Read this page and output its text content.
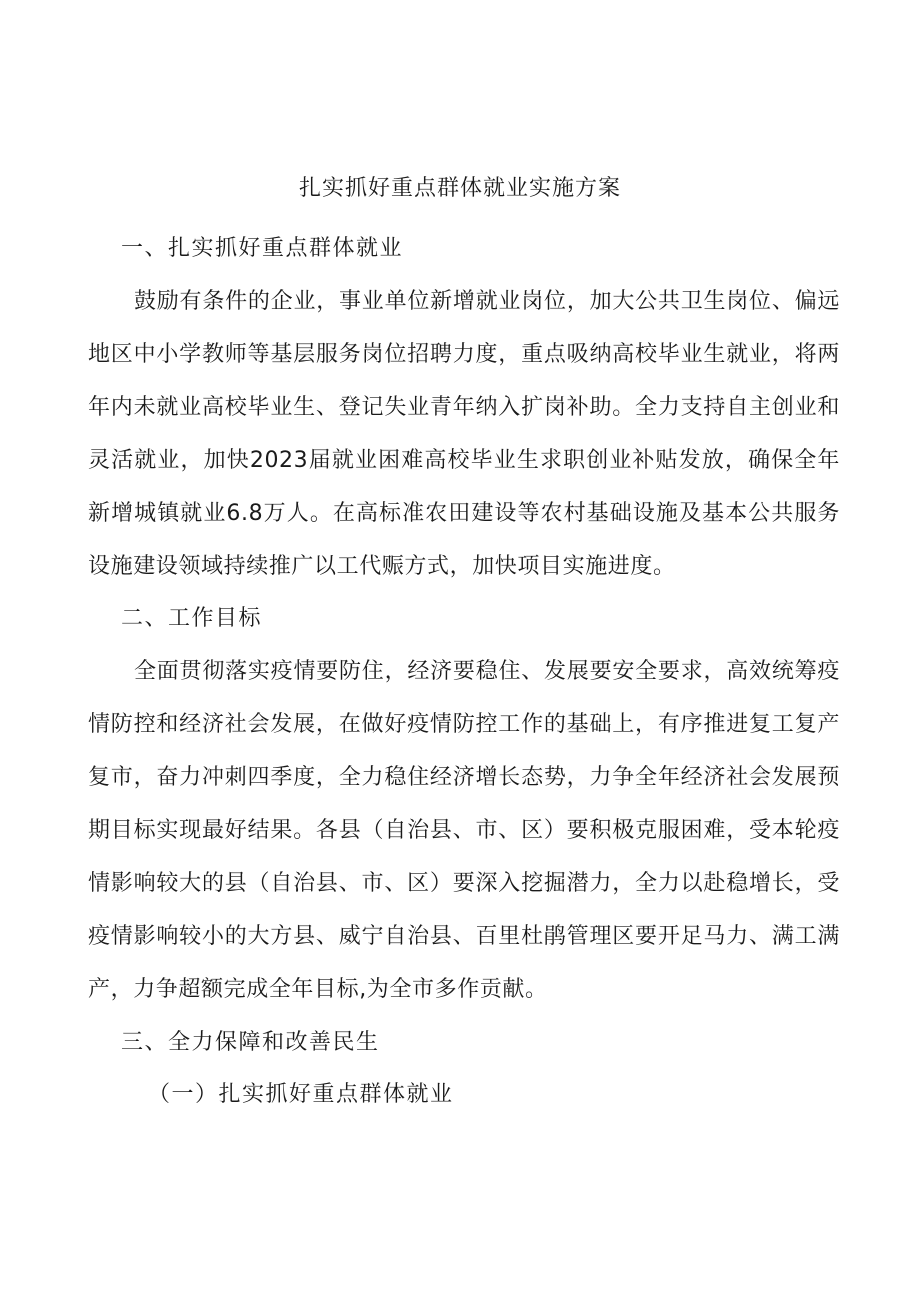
扎实抓好重点群体就业实施方案
一、扎实抓好重点群体就业

鼓励有条件的企业，事业单位新增就业岗位，加大公共卫生岗位、偏远地区中小学教师等基层服务岗位招聘力度，重点吸纳高校毕业生就业，将两年内未就业高校毕业生、登记失业青年纳入扩岗补助。全力支持自主创业和灵活就业，加快2023届就业困难高校毕业生求职创业补贴发放，确保全年新增城镇就业6.8万人。在高标准农田建设等农村基础设施及基本公共服务设施建设领域持续推广以工代赈方式，加快项目实施进度。

二、工作目标

全面贯彻落实疫情要防住，经济要稳住、发展要安全要求，高效统筹疫情防控和经济社会发展，在做好疫情防控工作的基础上，有序推进复工复产复市，奋力冲刺四季度，全力稳住经济增长态势，力争全年经济社会发展预期目标实现最好结果。各县（自治县、市、区）要积极克服困难，受本轮疫情影响较大的县（自治县、市、区）要深入挖掘潜力，全力以赴稳增长，受疫情影响较小的大方县、威宁自治县、百里杜鹃管理区要开足马力、满工满产，力争超额完成全年目标,为全市多作贡献。

三、全力保障和改善民生
（一）扎实抓好重点群体就业
